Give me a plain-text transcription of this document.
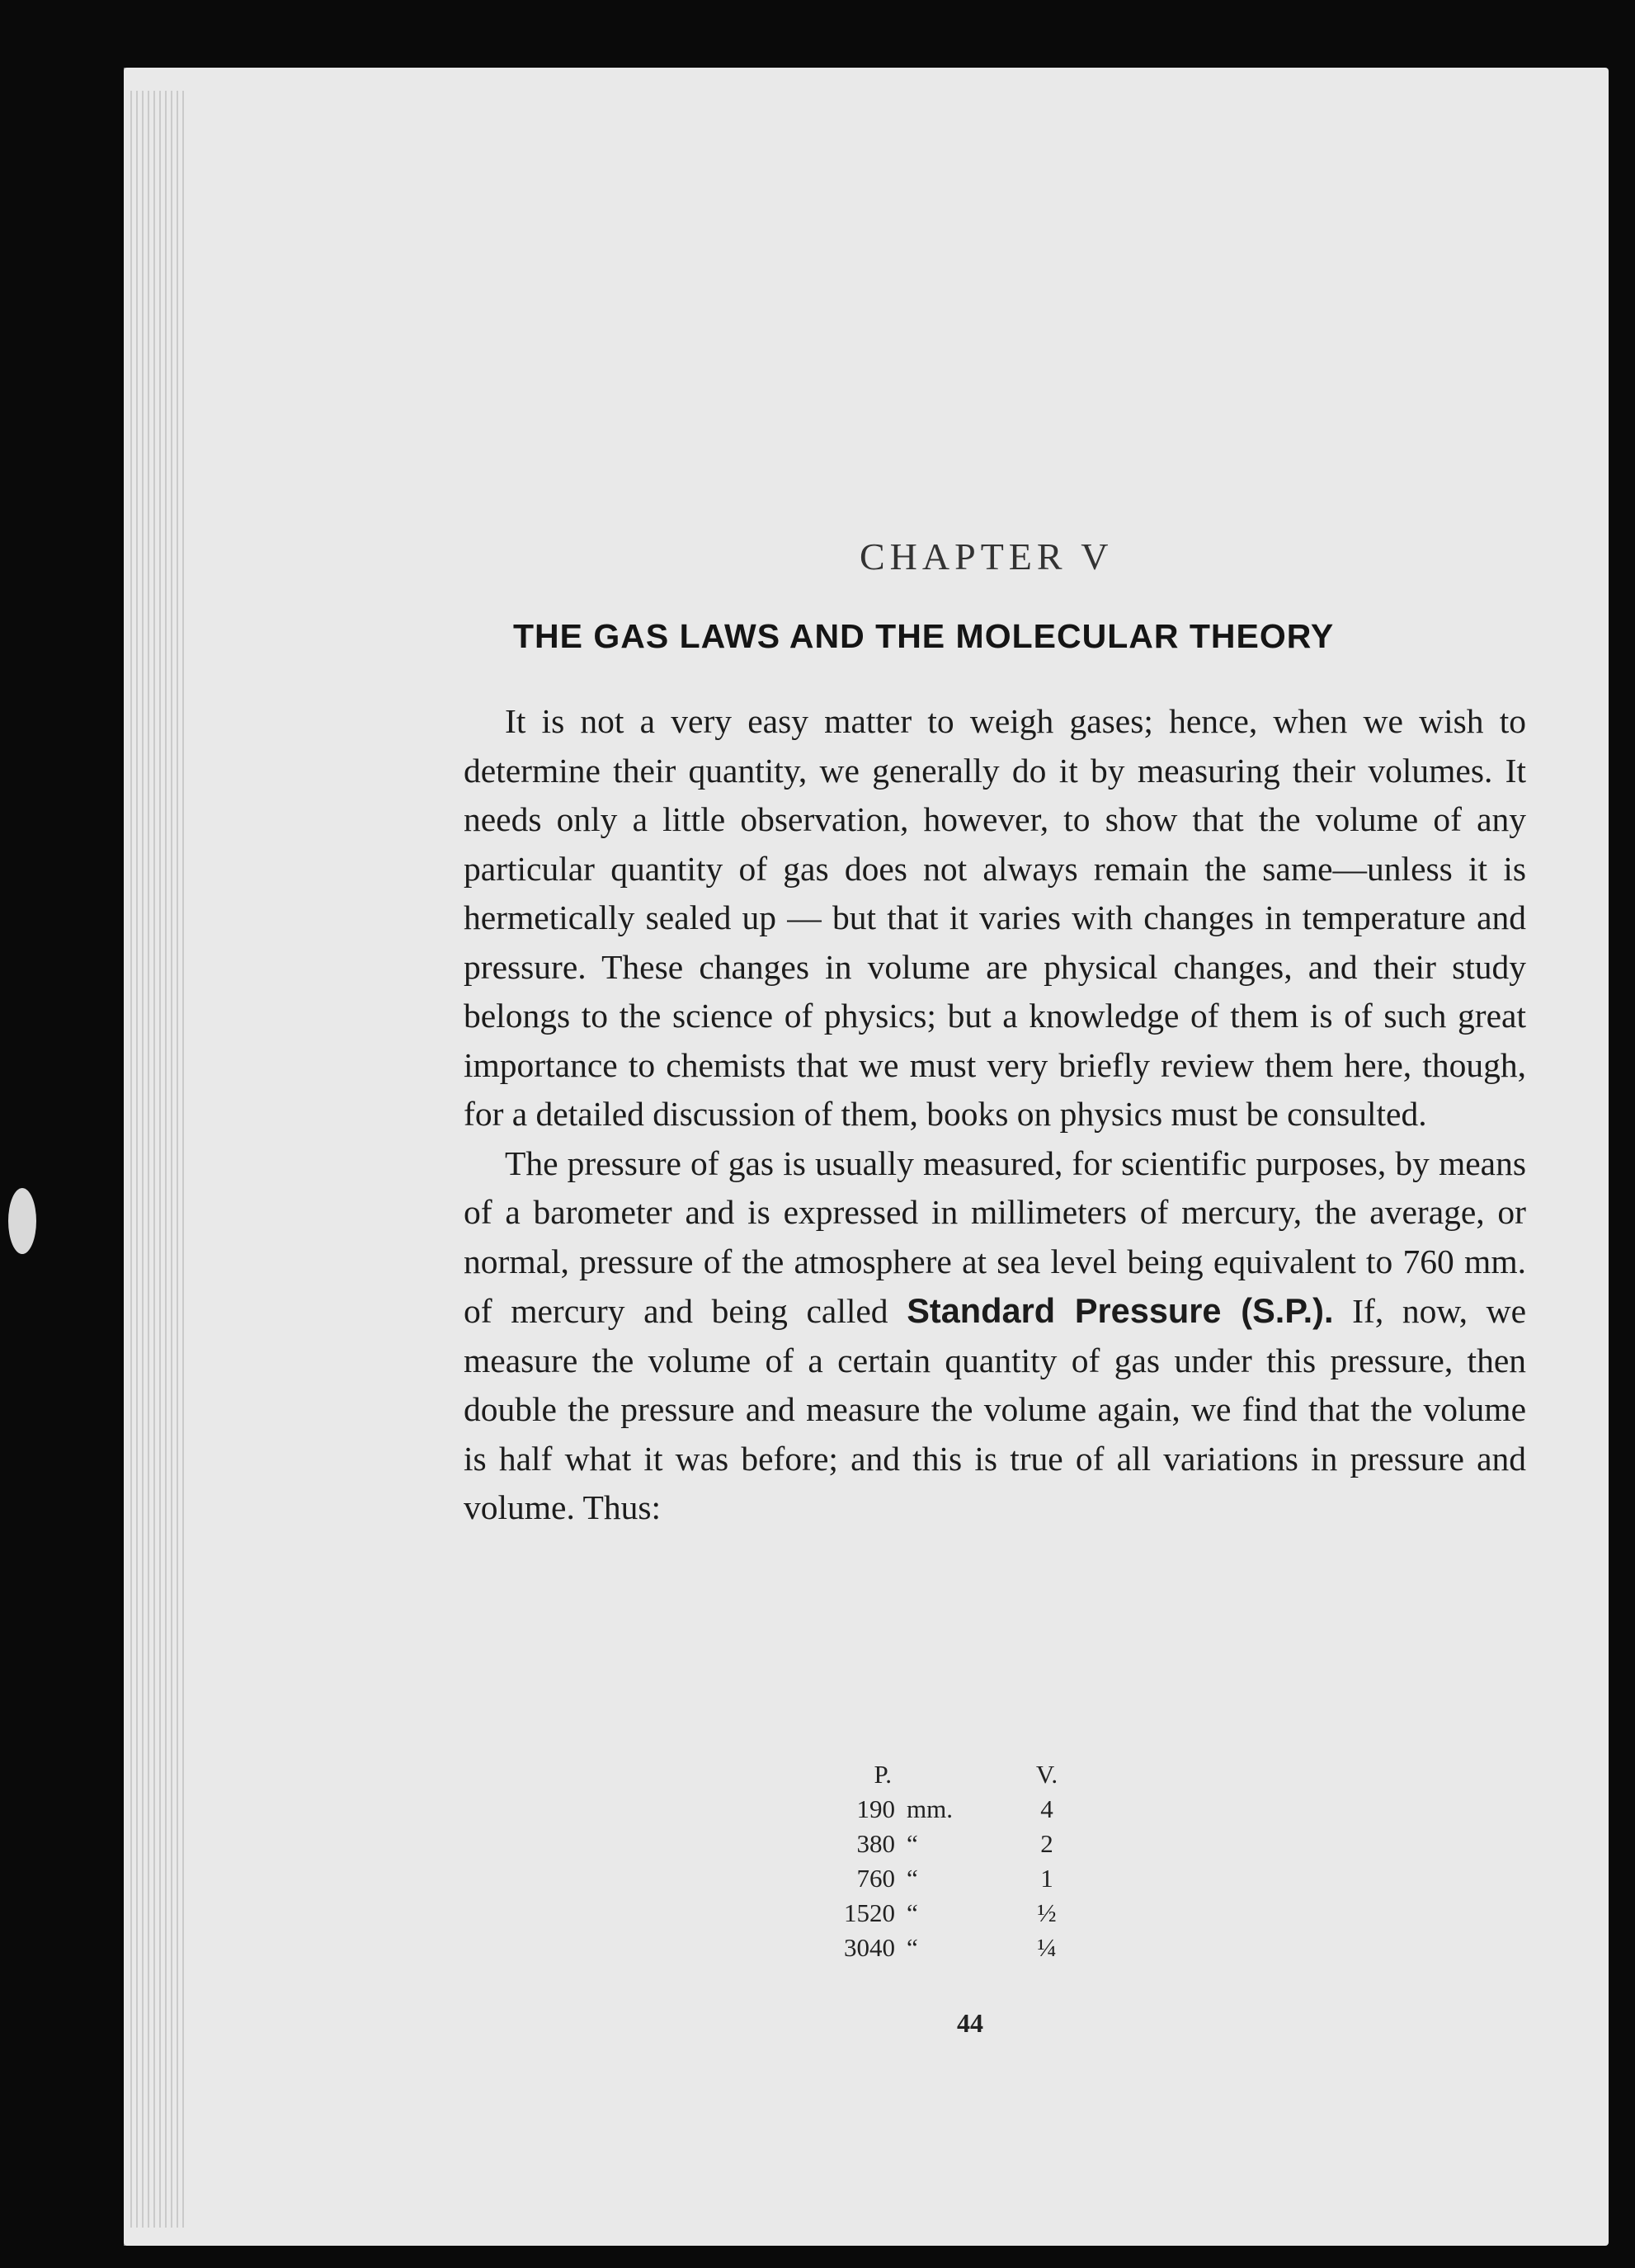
CHAPTER V
THE GAS LAWS AND THE MOLECULAR THEORY

It is not a very easy matter to weigh gases; hence, when we wish to determine their quantity, we generally do it by measuring their volumes. It needs only a little observation, however, to show that the volume of any particular quantity of gas does not always remain the same—unless it is hermetically sealed up — but that it varies with changes in temperature and pressure. These changes in volume are physical changes, and their study belongs to the science of physics; but a knowledge of them is of such great importance to chemists that we must very briefly review them here, though, for a detailed discussion of them, books on physics must be consulted.

The pressure of gas is usually measured, for scientific purposes, by means of a barometer and is expressed in millimeters of mercury, the average, or normal, pressure of the atmosphere at sea level being equivalent to 760 mm. of mercury and being called Standard Pressure (S.P.). If, now, we measure the volume of a certain quantity of gas under this pressure, then double the pressure and measure the volume again, we find that the volume is half what it was before; and this is true of all variations in pressure and volume. Thus:

P.		V.
190	mm.	4
380	“	2
760	“	1
1520	“	½
3040	“	¼

44
